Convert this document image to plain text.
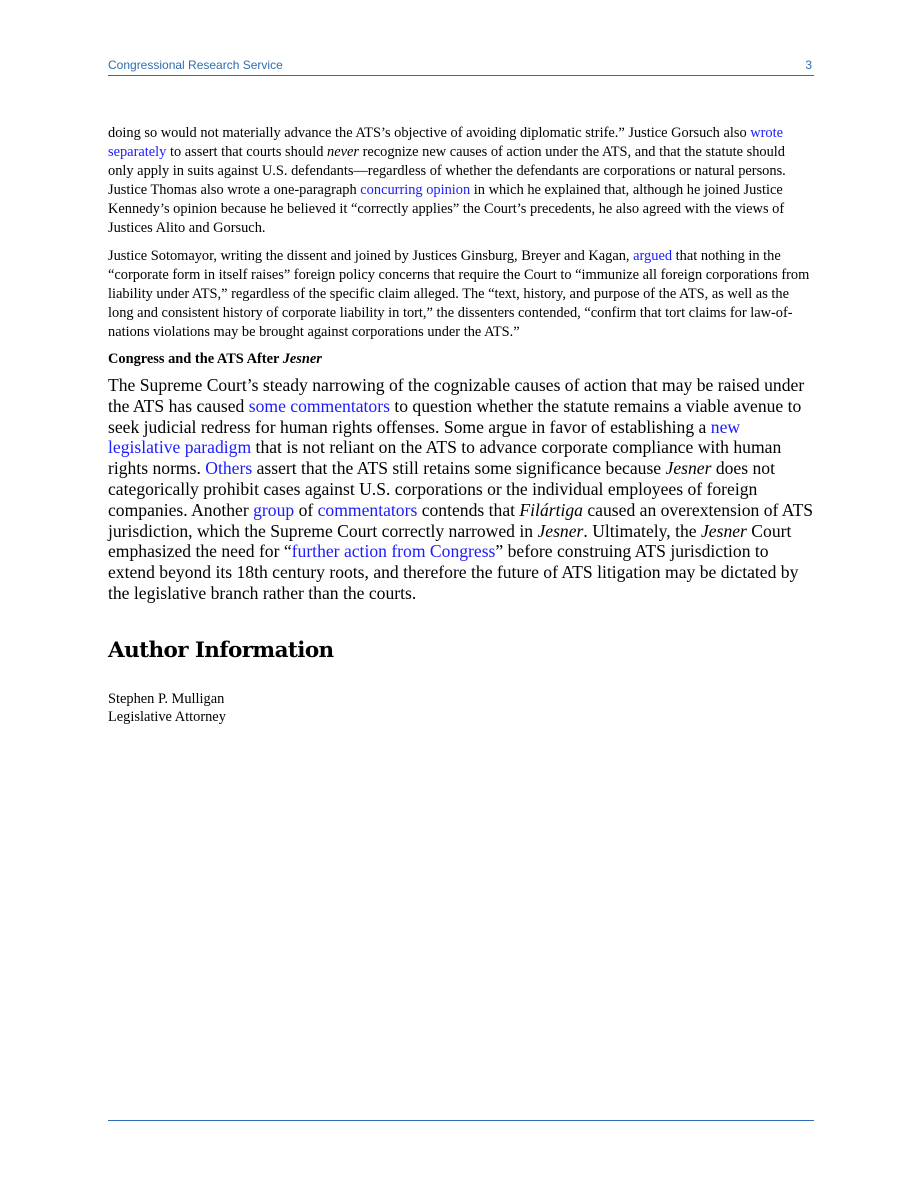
Congressional Research Service	3

doing so would not materially advance the ATS’s objective of avoiding diplomatic strife.” Justice Gorsuch also wrote separately to assert that courts should never recognize new causes of action under the ATS, and that the statute should only apply in suits against U.S. defendants—regardless of whether the defendants are corporations or natural persons. Justice Thomas also wrote a one-paragraph concurring opinion in which he explained that, although he joined Justice Kennedy’s opinion because he believed it “correctly applies” the Court’s precedents, he also agreed with the views of Justices Alito and Gorsuch.

Justice Sotomayor, writing the dissent and joined by Justices Ginsburg, Breyer and Kagan, argued that nothing in the “corporate form in itself raises” foreign policy concerns that require the Court to “immunize all foreign corporations from liability under ATS,” regardless of the specific claim alleged. The “text, history, and purpose of the ATS, as well as the long and consistent history of corporate liability in tort,” the dissenters contended, “confirm that tort claims for law-of-nations violations may be brought against corporations under the ATS.”

Congress and the ATS After Jesner

The Supreme Court’s steady narrowing of the cognizable causes of action that may be raised under the ATS has caused some commentators to question whether the statute remains a viable avenue to seek judicial redress for human rights offenses. Some argue in favor of establishing a new legislative paradigm that is not reliant on the ATS to advance corporate compliance with human rights norms. Others assert that the ATS still retains some significance because Jesner does not categorically prohibit cases against U.S. corporations or the individual employees of foreign companies. Another group of commentators contends that Filártiga caused an overextension of ATS jurisdiction, which the Supreme Court correctly narrowed in Jesner. Ultimately, the Jesner Court emphasized the need for “further action from Congress” before construing ATS jurisdiction to extend beyond its 18th century roots, and therefore the future of ATS litigation may be dictated by the legislative branch rather than the courts.

Author Information
Stephen P. Mulligan
Legislative Attorney
